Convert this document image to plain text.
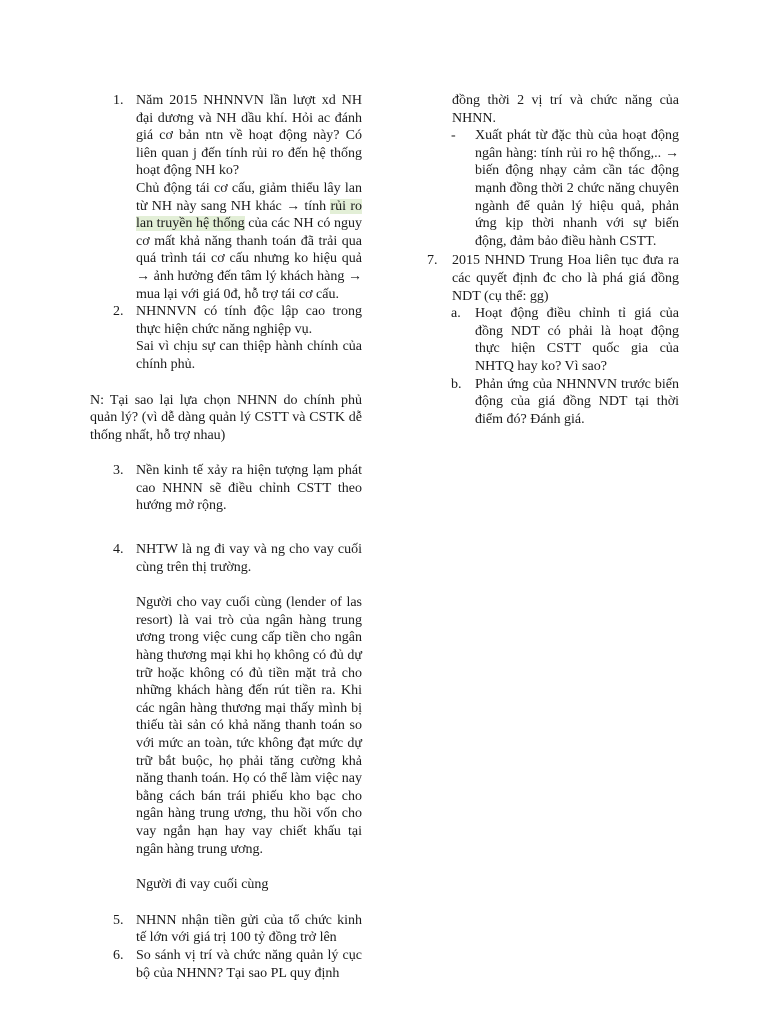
1. Năm 2015 NHNNVN lần lượt xd NH đại dương và NH dầu khí. Hỏi ac đánh giá cơ bản ntn về hoạt động này? Có liên quan j đến tính rủi ro đến hệ thống hoạt động NH ko?

Chủ động tái cơ cấu, giảm thiểu lây lan từ NH này sang NH khác → tính rủi ro lan truyền hệ thống của các NH có nguy cơ mất khả năng thanh toán đã trải qua quá trình tái cơ cấu nhưng ko hiệu quả → ảnh hưởng đến tâm lý khách hàng → mua lại với giá 0đ, hỗ trợ tái cơ cấu.

2. NHNNVN có tính độc lập cao trong thực hiện chức năng nghiệp vụ.

Sai vì chịu sự can thiệp hành chính của chính phủ.

N: Tại sao lại lựa chọn NHNN do chính phủ quản lý? (vì dễ dàng quản lý CSTT và CSTK dễ thống nhất, hỗ trợ nhau)

3. Nền kinh tế xảy ra hiện tượng lạm phát cao NHNN sẽ điều chỉnh CSTT theo hướng mở rộng.

4. NHTW là ng đi vay và ng cho vay cuối cùng trên thị trường.

Người cho vay cuối cùng (lender of las resort) là vai trò của ngân hàng trung ương trong việc cung cấp tiền cho ngân hàng thương mại khi họ không có đủ dự trữ hoặc không có đủ tiền mặt trả cho những khách hàng đến rút tiền ra. Khi các ngân hàng thương mại thấy mình bị thiếu tài sản có khả năng thanh toán so với mức an toàn, tức không đạt mức dự trữ bắt buộc, họ phải tăng cường khả năng thanh toán. Họ có thể làm việc nay bằng cách bán trái phiếu kho bạc cho ngân hàng trung ương, thu hồi vốn cho vay ngắn hạn hay vay chiết khấu tại ngân hàng trung ương.

Người đi vay cuối cùng

5. NHNN nhận tiền gửi của tổ chức kinh tế lớn với giá trị 100 tỷ đồng trở lên

6. So sánh vị trí và chức năng quản lý cục bộ của NHNN? Tại sao PL quy định

đồng thời 2 vị trí và chức năng của NHNN.

- Xuất phát từ đặc thù của hoạt động ngân hàng: tính rủi ro hệ thống,.. → biến động nhạy cảm cần tác động mạnh đồng thời 2 chức năng chuyên ngành để quản lý hiệu quả, phản ứng kịp thời nhanh với sự biến động, đảm bảo điều hành CSTT.

7. 2015 NHND Trung Hoa liên tục đưa ra các quyết định đc cho là phá giá đồng NDT (cụ thể: gg)

a. Hoạt động điều chỉnh tỉ giá của đồng NDT có phải là hoạt động thực hiện CSTT quốc gia của NHTQ hay ko? Vì sao?

b. Phản ứng của NHNNVN trước biến động của giá đồng NDT tại thời điểm đó? Đánh giá.
